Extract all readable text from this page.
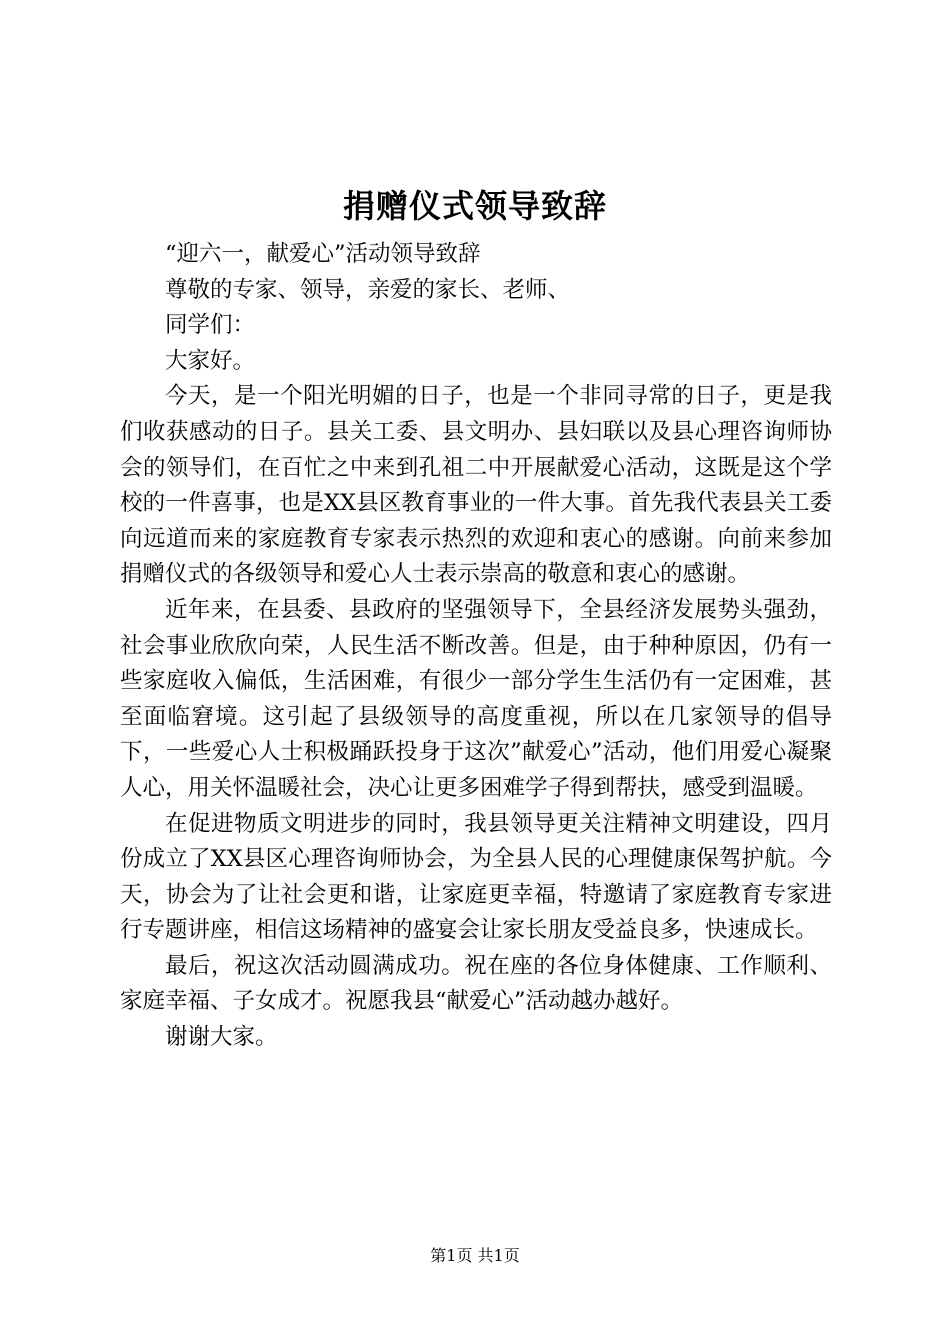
捐赠仪式领导致辞

“迎六一，献爱心”活动领导致辞

尊敬的专家、领导，亲爱的家长、老师、

同学们：

大家好。

今天，是一个阳光明媚的日子，也是一个非同寻常的日子，更是我们收获感动的日子。县关工委、县文明办、县妇联以及县心理咨询师协会的领导们，在百忙之中来到孔祖二中开展献爱心活动，这既是这个学校的一件喜事，也是XX县区教育事业的一件大事。首先我代表县关工委向远道而来的家庭教育专家表示热烈的欢迎和衷心的感谢。向前来参加捐赠仪式的各级领导和爱心人士表示崇高的敬意和衷心的感谢。

近年来，在县委、县政府的坚强领导下，全县经济发展势头强劲，社会事业欣欣向荣，人民生活不断改善。但是，由于种种原因，仍有一些家庭收入偏低，生活困难，有很少一部分学生生活仍有一定困难，甚至面临窘境。这引起了县级领导的高度重视，所以在几家领导的倡导下，一些爱心人士积极踊跃投身于这次”献爱心”活动，他们用爱心凝聚人心，用关怀温暖社会，决心让更多困难学子得到帮扶，感受到温暖。

在促进物质文明进步的同时，我县领导更关注精神文明建设，四月份成立了XX县区心理咨询师协会，为全县人民的心理健康保驾护航。今天，协会为了让社会更和谐，让家庭更幸福，特邀请了家庭教育专家进行专题讲座，相信这场精神的盛宴会让家长朋友受益良多，快速成长。

最后，祝这次活动圆满成功。祝在座的各位身体健康、工作顺利、家庭幸福、子女成才。祝愿我县“献爱心”活动越办越好。

谢谢大家。

第1页 共1页
